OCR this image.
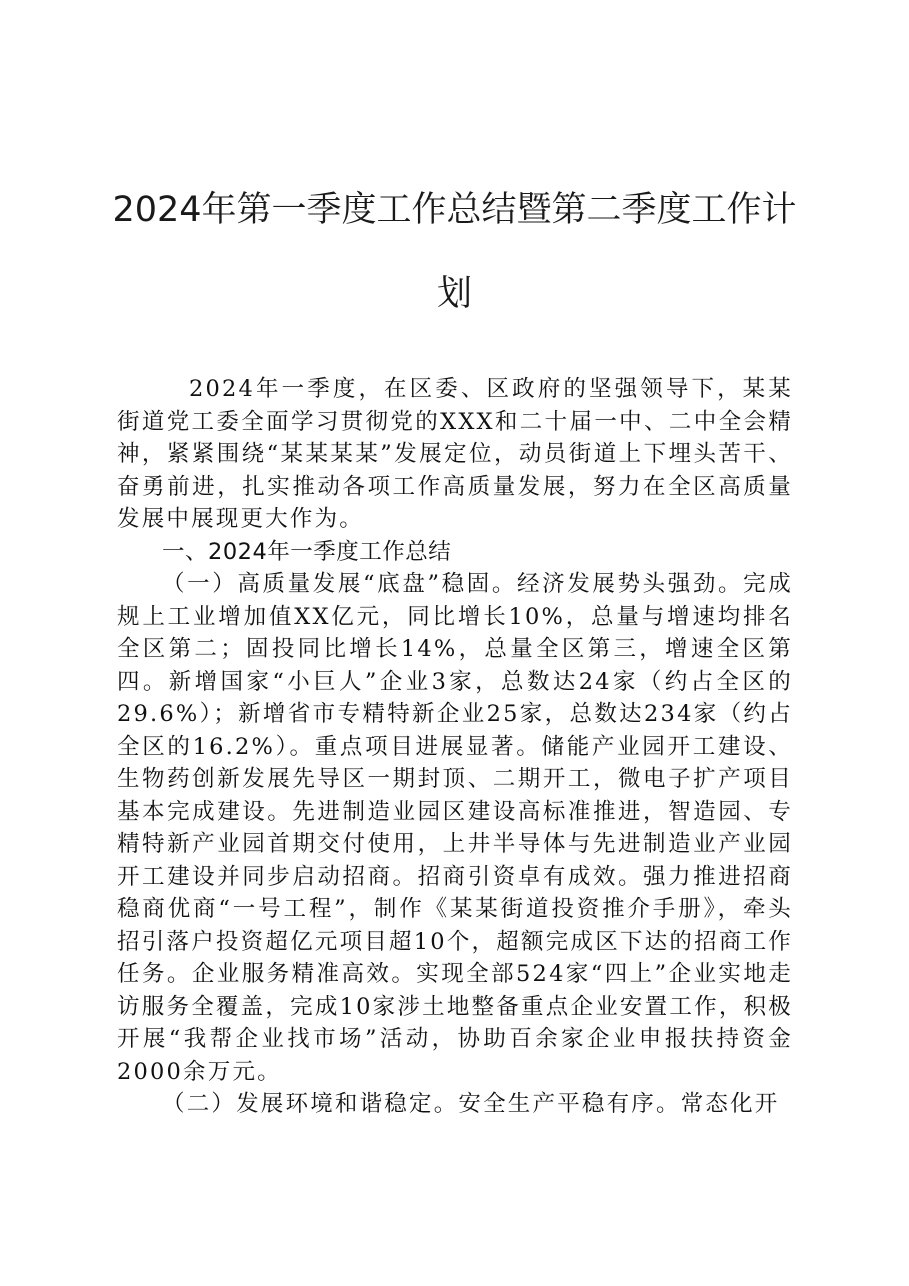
2024年第一季度工作总结暨第二季度工作计划

2024年一季度，在区委、区政府的坚强领导下，某某街道党工委全面学习贯彻党的XXX和二十届一中、二中全会精神，紧紧围绕“某某某某”发展定位，动员街道上下埋头苦干、奋勇前进，扎实推动各项工作高质量发展，努力在全区高质量发展中展现更大作为。

一、2024年一季度工作总结

（一）高质量发展“底盘”稳固。经济发展势头强劲。完成规上工业增加值XX亿元，同比增长10%，总量与增速均排名全区第二；固投同比增长14%，总量全区第三，增速全区第四。新增国家“小巨人”企业3家，总数达24家（约占全区的29.6%）；新增省市专精特新企业25家，总数达234家（约占全区的16.2%）。重点项目进展显著。储能产业园开工建设、生物药创新发展先导区一期封顶、二期开工，微电子扩产项目基本完成建设。先进制造业园区建设高标准推进，智造园、专精特新产业园首期交付使用，上井半导体与先进制造业产业园开工建设并同步启动招商。招商引资卓有成效。强力推进招商稳商优商“一号工程”，制作《某某街道投资推介手册》，牵头招引落户投资超亿元项目超10个，超额完成区下达的招商工作任务。企业服务精准高效。实现全部524家“四上”企业实地走访服务全覆盖，完成10家涉土地整备重点企业安置工作，积极开展“我帮企业找市场”活动，协助百余家企业申报扶持资金2000余万元。

（二）发展环境和谐稳定。安全生产平稳有序。常态化开
